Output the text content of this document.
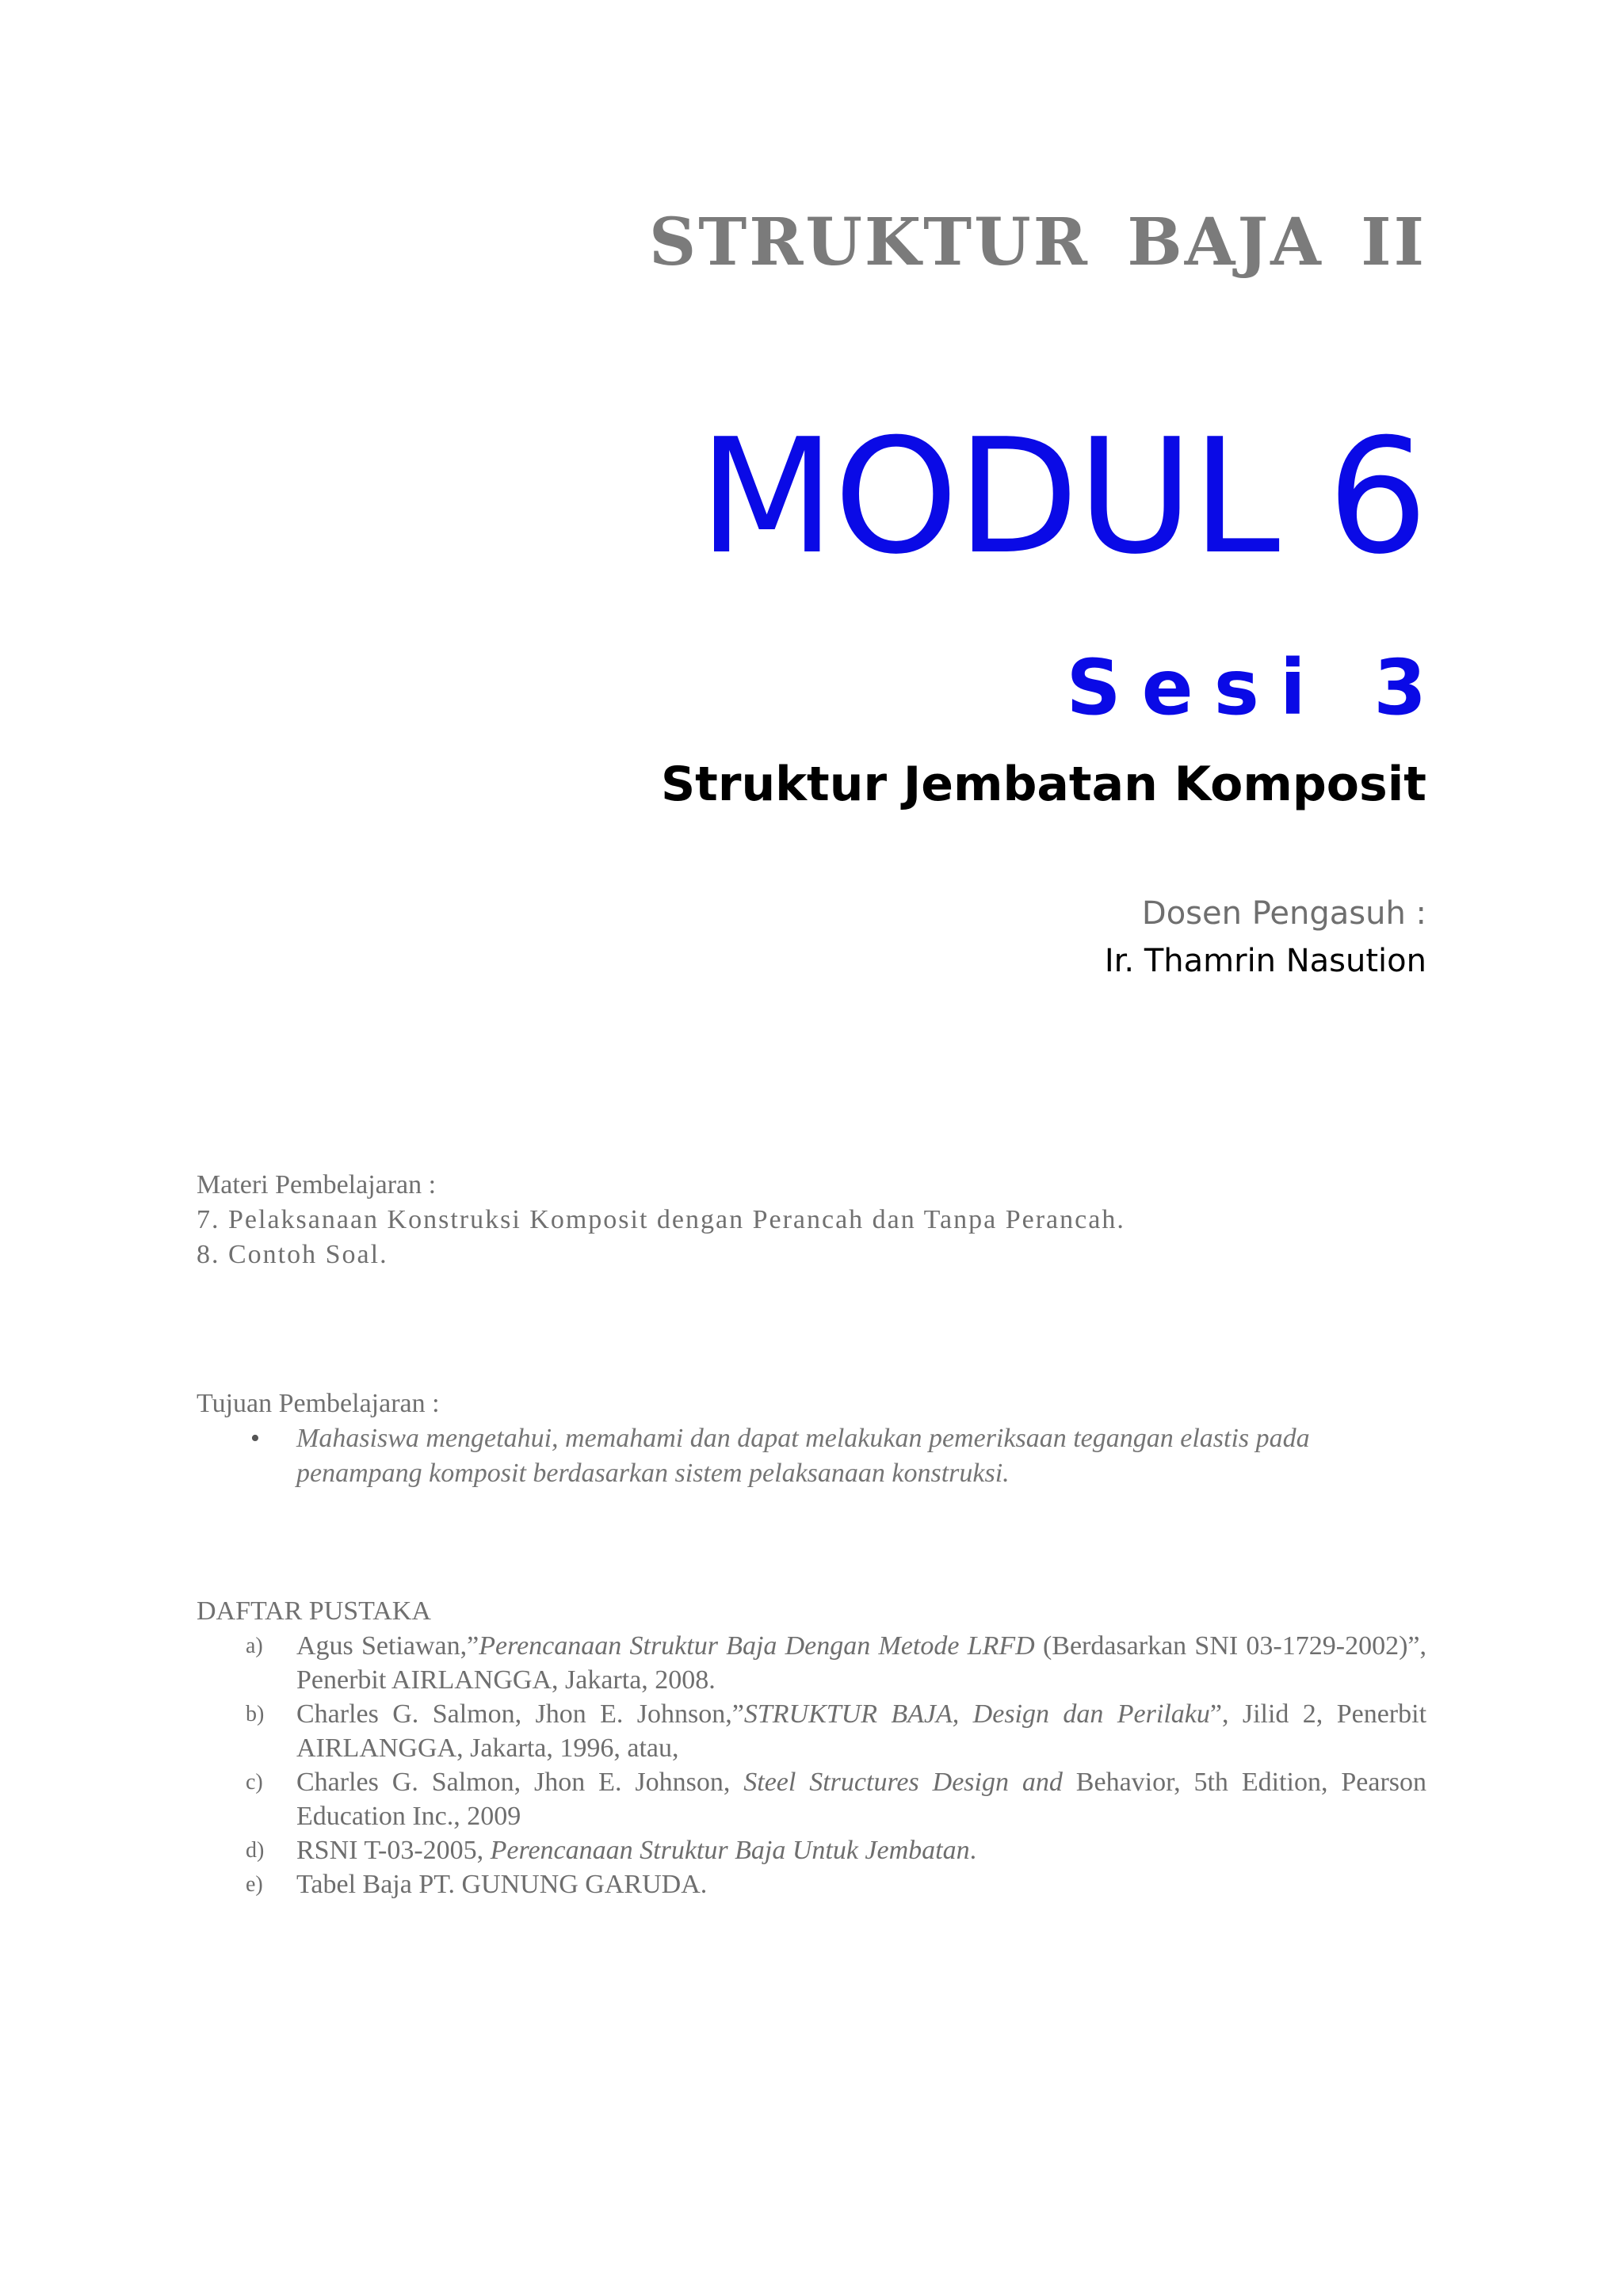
STRUKTUR BAJA II
MODUL 6
Sesi 3
Struktur Jembatan Komposit
Dosen Pengasuh :
Ir. Thamrin Nasution
Materi Pembelajaran :
7. Pelaksanaan Konstruksi Komposit dengan Perancah dan Tanpa Perancah.
8. Contoh Soal.
Tujuan Pembelajaran :
• Mahasiswa mengetahui, memahami dan dapat melakukan pemeriksaan tegangan elastis pada penampang komposit berdasarkan sistem pelaksanaan konstruksi.
DAFTAR PUSTAKA
a) Agus Setiawan,”Perencanaan Struktur Baja Dengan Metode LRFD (Berdasarkan SNI 03-1729-2002)”, Penerbit AIRLANGGA, Jakarta, 2008.
b) Charles G. Salmon, Jhon E. Johnson,”STRUKTUR BAJA, Design dan Perilaku”, Jilid 2, Penerbit AIRLANGGA, Jakarta, 1996, atau,
c) Charles G. Salmon, Jhon E. Johnson, Steel Structures Design and Behavior, 5th Edition, Pearson Education Inc., 2009
d) RSNI T-03-2005, Perencanaan Struktur Baja Untuk Jembatan.
e) Tabel Baja PT. GUNUNG GARUDA.
